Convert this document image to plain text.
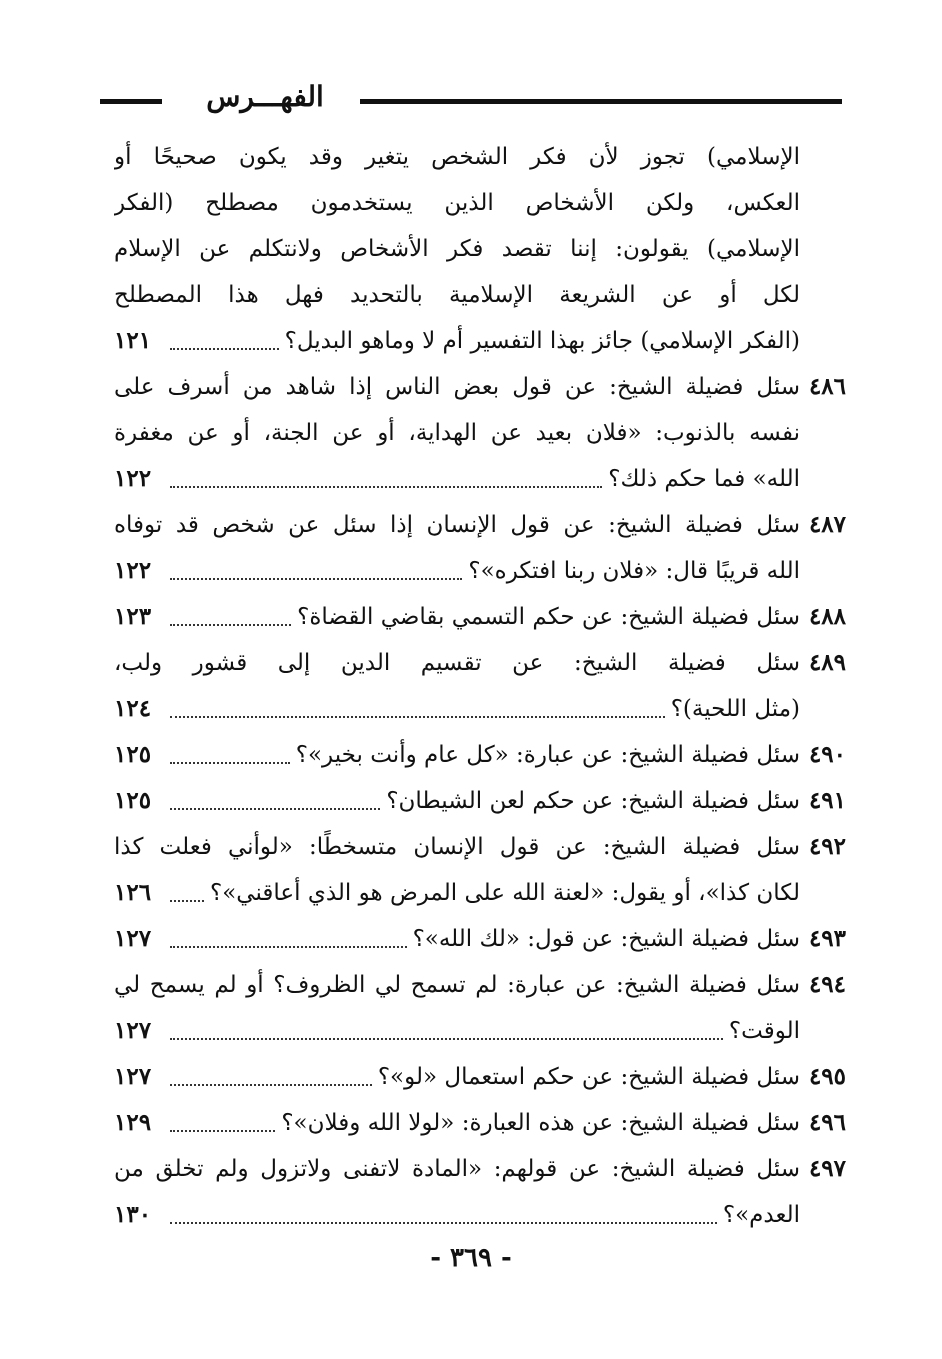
الفهـــرس
الإسلامي) تجوز لأن فكر الشخص يتغير وقد يكون صحيحًا أو
العكس، ولكن الأشخاص الذين يستخدمون مصطلح (الفكر
الإسلامي) يقولون: إننا تقصد فكر الأشخاص ولانتكلم عن الإسلام
لكل أو عن الشريعة الإسلامية بالتحديد فهل هذا المصطلح
(الفكر الإسلامي) جائز بهذا التفسير أم لا وماهو البديل؟
١٢١
٤٨٦
سئل فضيلة الشيخ: عن قول بعض الناس إذا شاهد من أسرف على
نفسه بالذنوب: «فلان بعيد عن الهداية، أو عن الجنة، أو عن مغفرة
الله» فما حكم ذلك؟
١٢٢
٤٨٧
سئل فضيلة الشيخ: عن قول الإنسان إذا سئل عن شخص قد توفاه
الله قريبًا قال: «فلان ربنا افتكره»؟
١٢٢
٤٨٨
سئل فضيلة الشيخ: عن حكم التسمي بقاضي القضاة؟
١٢٣
٤٨٩
سئل فضيلة الشيخ: عن تقسيم الدين إلى قشور ولب،
(مثل اللحية)؟
١٢٤
٤٩٠
سئل فضيلة الشيخ: عن عبارة: «كل عام وأنت بخير»؟
١٢٥
٤٩١
سئل فضيلة الشيخ: عن حكم لعن الشيطان؟
١٢٥
٤٩٢
سئل فضيلة الشيخ: عن قول الإنسان متسخطًا: «لوأني فعلت كذا
لكان كذا»، أو يقول: «لعنة الله على المرض هو الذي أعاقني»؟
١٢٦
٤٩٣
سئل فضيلة الشيخ: عن قول: «لك الله»؟
١٢٧
٤٩٤
سئل فضيلة الشيخ: عن عبارة: لم تسمح لي الظروف؟ أو لم يسمح لي
الوقت؟
١٢٧
٤٩٥
سئل فضيلة الشيخ: عن حكم استعمال «لو»؟
١٢٧
٤٩٦
سئل فضيلة الشيخ: عن هذه العبارة: «لولا الله وفلان»؟
١٢٩
٤٩٧
سئل فضيلة الشيخ: عن قولهم: «المادة لاتفنى ولاتزول ولم تخلق من
العدم»؟
١٣٠
- ٣٦٩ -
